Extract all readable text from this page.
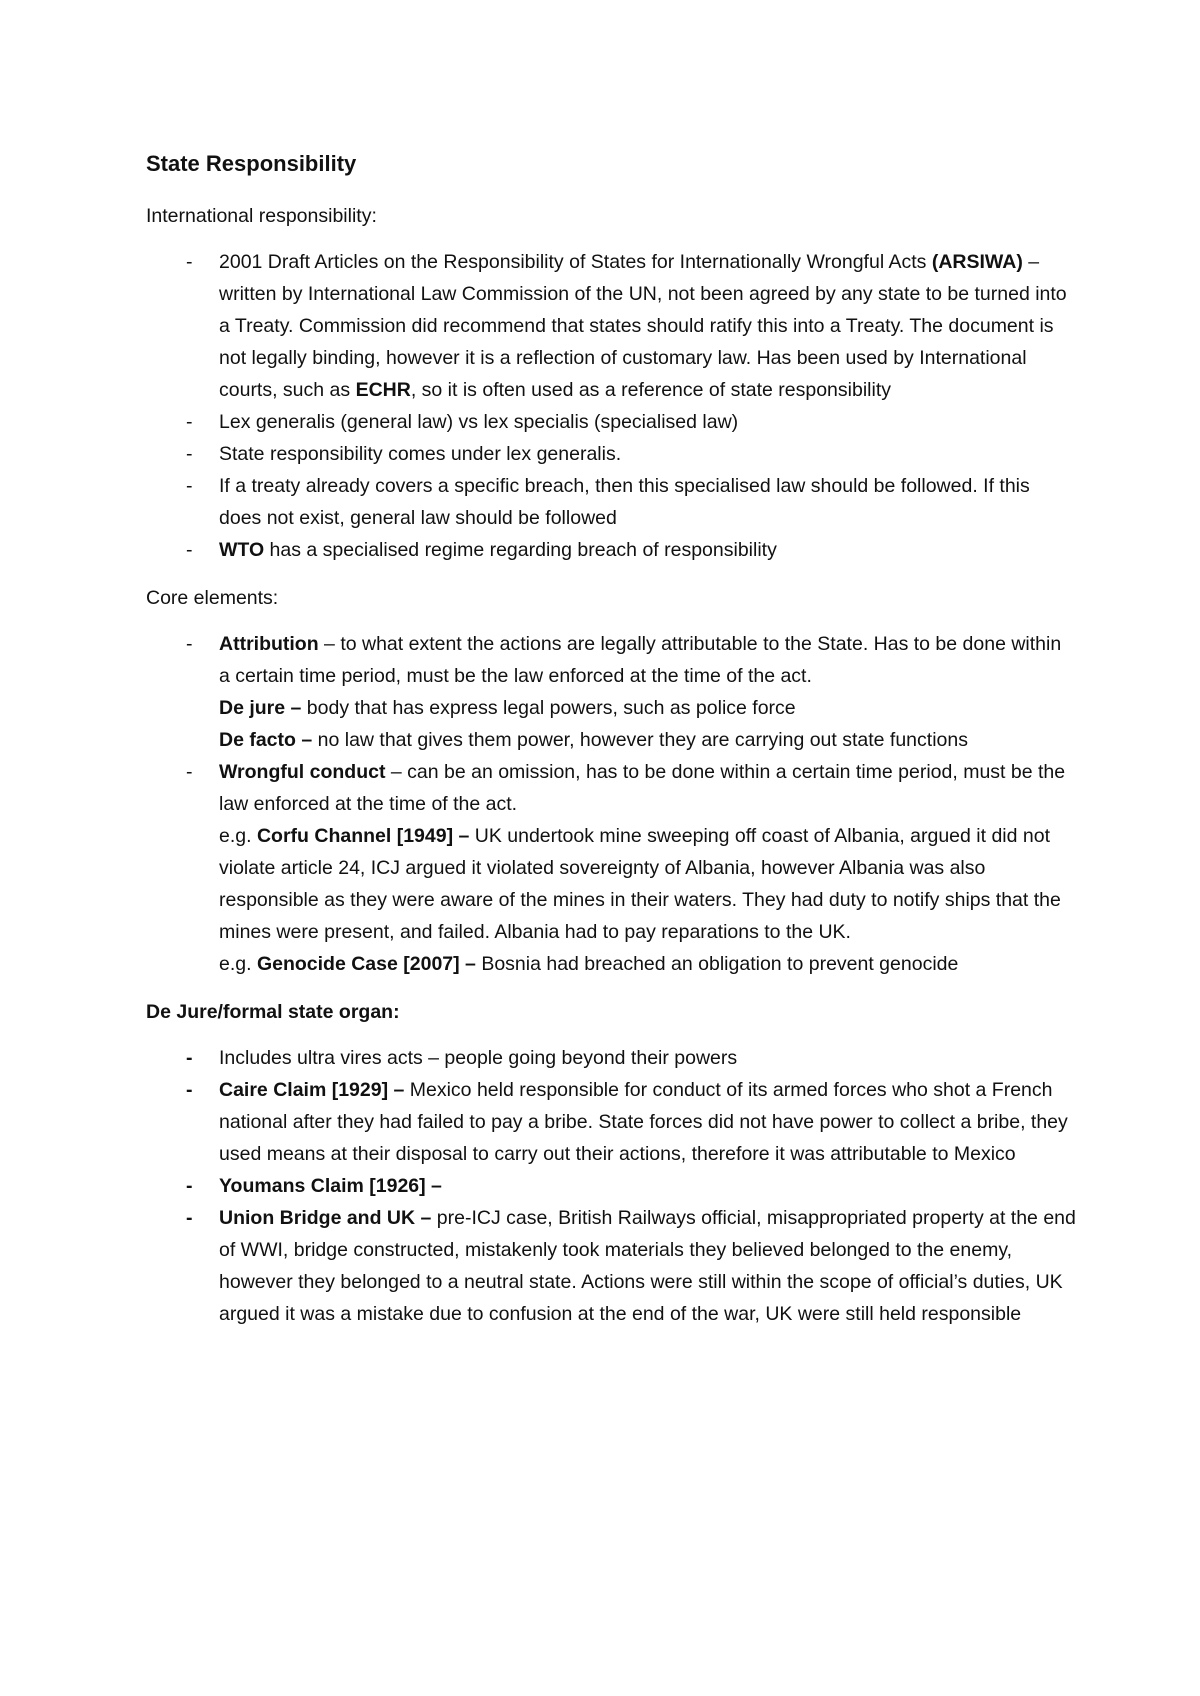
State Responsibility

International responsibility:

- 2001 Draft Articles on the Responsibility of States for Internationally Wrongful Acts (ARSIWA) – written by International Law Commission of the UN, not been agreed by any state to be turned into a Treaty. Commission did recommend that states should ratify this into a Treaty. The document is not legally binding, however it is a reflection of customary law. Has been used by International courts, such as ECHR, so it is often used as a reference of state responsibility
- Lex generalis (general law) vs lex specialis (specialised law)
- State responsibility comes under lex generalis.
- If a treaty already covers a specific breach, then this specialised law should be followed. If this does not exist, general law should be followed
- WTO has a specialised regime regarding breach of responsibility

Core elements:

- Attribution – to what extent the actions are legally attributable to the State. Has to be done within a certain time period, must be the law enforced at the time of the act.
De jure – body that has express legal powers, such as police force
De facto – no law that gives them power, however they are carrying out state functions
- Wrongful conduct – can be an omission, has to be done within a certain time period, must be the law enforced at the time of the act.
e.g. Corfu Channel [1949] – UK undertook mine sweeping off coast of Albania, argued it did not violate article 24, ICJ argued it violated sovereignty of Albania, however Albania was also responsible as they were aware of the mines in their waters. They had duty to notify ships that the mines were present, and failed. Albania had to pay reparations to the UK.
e.g. Genocide Case [2007] – Bosnia had breached an obligation to prevent genocide

De Jure/formal state organ:

- Includes ultra vires acts – people going beyond their powers
- Caire Claim [1929] – Mexico held responsible for conduct of its armed forces who shot a French national after they had failed to pay a bribe. State forces did not have power to collect a bribe, they used means at their disposal to carry out their actions, therefore it was attributable to Mexico
- Youmans Claim [1926] –
- Union Bridge and UK – pre-ICJ case, British Railways official, misappropriated property at the end of WWI, bridge constructed, mistakenly took materials they believed belonged to the enemy, however they belonged to a neutral state. Actions were still within the scope of official’s duties, UK argued it was a mistake due to confusion at the end of the war, UK were still held responsible
